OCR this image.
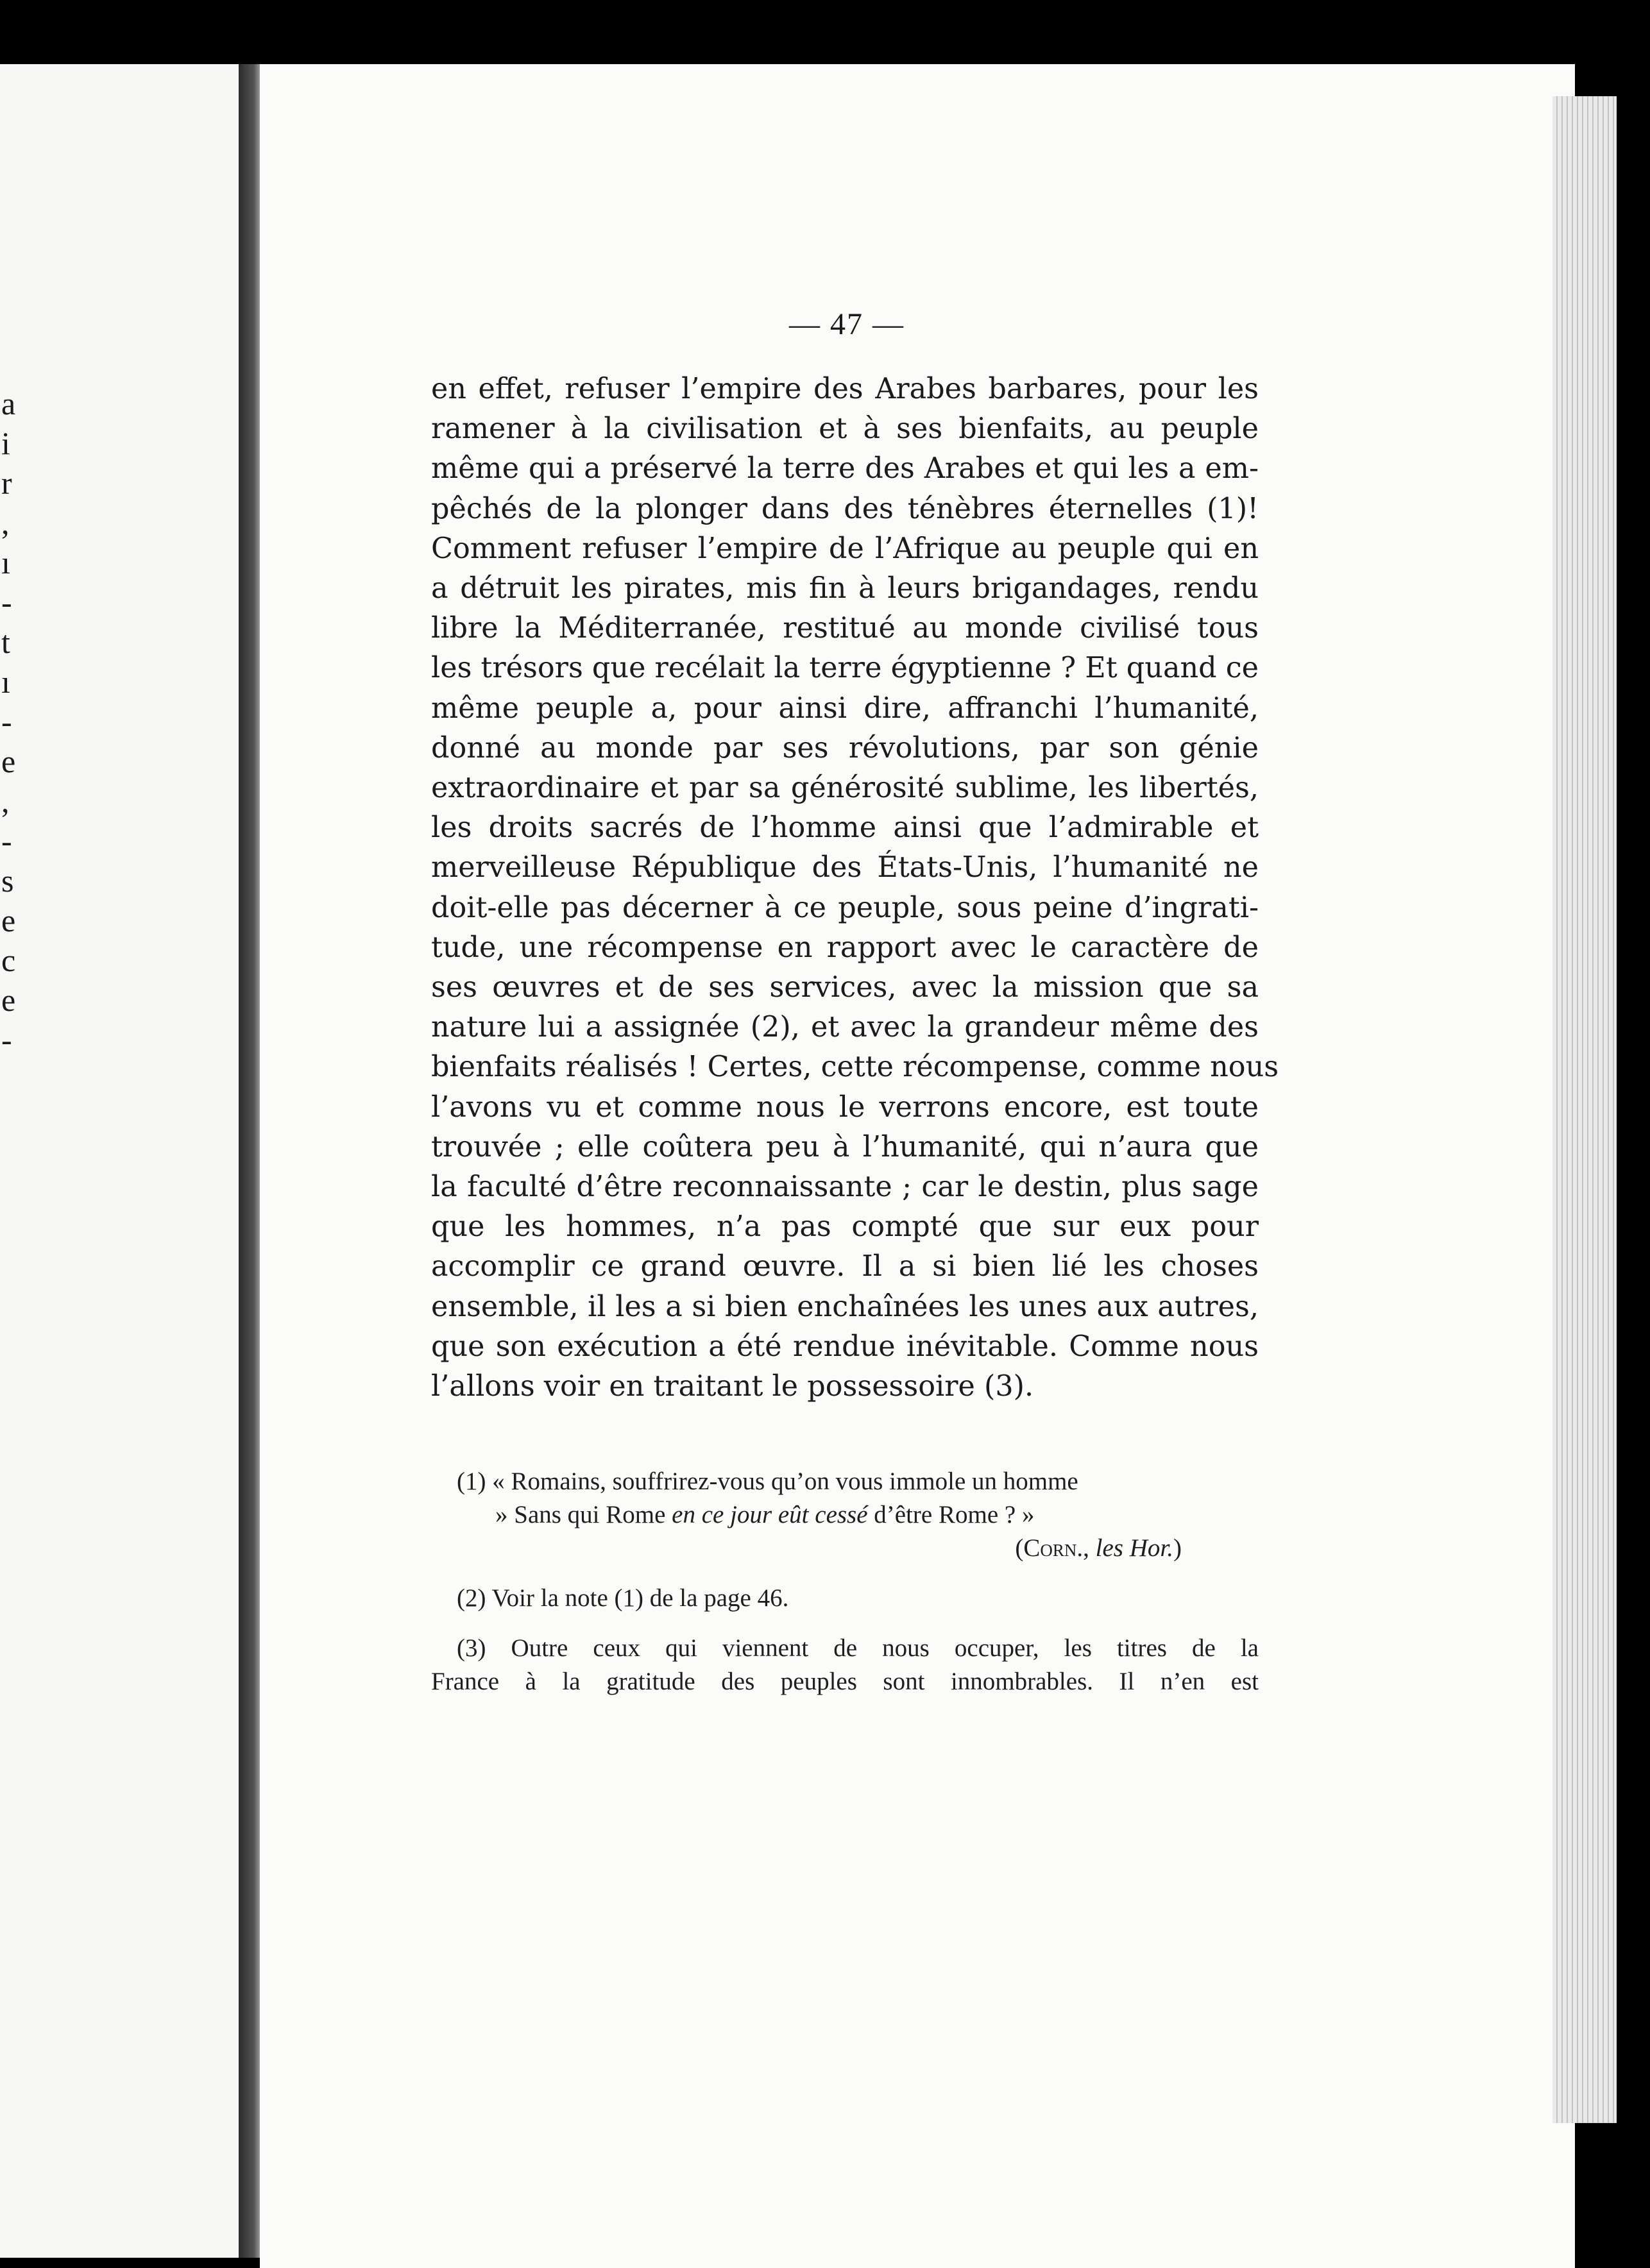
a
i
r
,
ı
-
t
ı
-
e
,
-
s
e
c
e
-
— 47 —
en effet, refuser l’empire des Arabes barbares, pour les
ramener à la civilisation et à ses bienfaits, au peuple
même qui a préservé la terre des Arabes et qui les a em-
pêchés de la plonger dans des ténèbres éternelles (1)!
Comment refuser l’empire de l’Afrique au peuple qui en
a détruit les pirates, mis fin à leurs brigandages, rendu
libre la Méditerranée, restitué au monde civilisé tous
les trésors que recélait la terre égyptienne ? Et quand ce
même peuple a, pour ainsi dire, affranchi l’humanité,
donné au monde par ses révolutions, par son génie
extraordinaire et par sa générosité sublime, les libertés,
les droits sacrés de l’homme ainsi que l’admirable et
merveilleuse République des États-Unis, l’humanité ne
doit-elle pas décerner à ce peuple, sous peine d’ingrati-
tude, une récompense en rapport avec le caractère de
ses œuvres et de ses services, avec la mission que sa
nature lui a assignée (2), et avec la grandeur même des
bienfaits réalisés ! Certes, cette récompense, comme nous
l’avons vu et comme nous le verrons encore, est toute
trouvée ; elle coûtera peu à l’humanité, qui n’aura que
la faculté d’être reconnaissante ; car le destin, plus sage
que les hommes, n’a pas compté que sur eux pour
accomplir ce grand œuvre. Il a si bien lié les choses
ensemble, il les a si bien enchaînées les unes aux autres,
que son exécution a été rendue inévitable. Comme nous
l’allons voir en traitant le possessoire (3).
(1) « Romains, souffrirez-vous qu’on vous immole un homme
» Sans qui Rome en ce jour eût cessé d’être Rome ? »
(Corn., les Hor.)
(2) Voir la note (1) de la page 46.
(3) Outre ceux qui viennent de nous occuper, les titres de la
France à la gratitude des peuples sont innombrables. Il n’en est
